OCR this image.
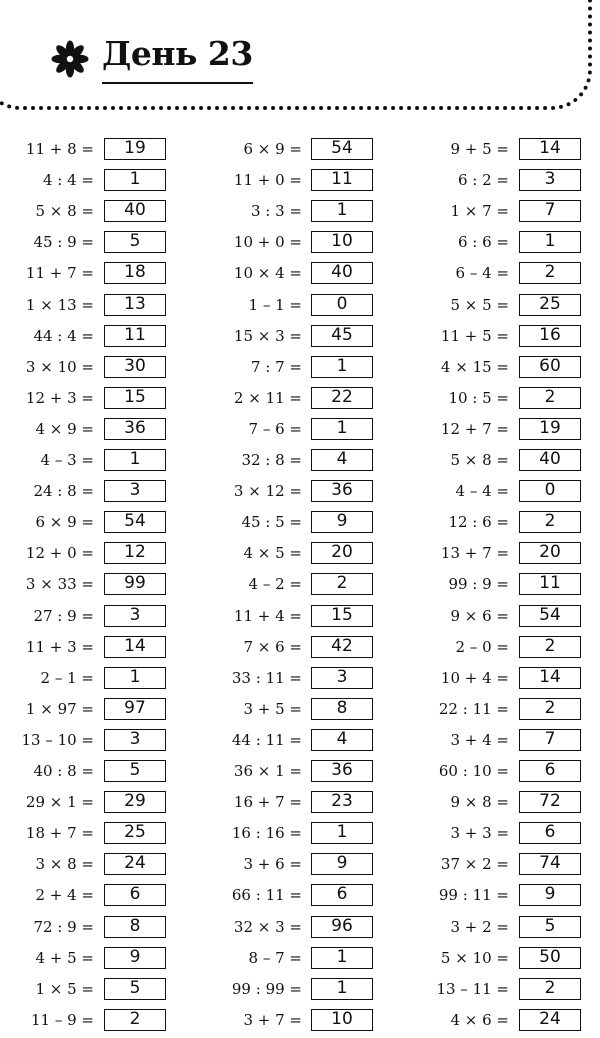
День 23
11 + 8 =	19
4 : 4 =	1
5 × 8 =	40
45 : 9 =	5
11 + 7 =	18
1 × 13 =	13
44 : 4 =	11
3 × 10 =	30
12 + 3 =	15
4 × 9 =	36
4 – 3 =	1
24 : 8 =	3
6 × 9 =	54
12 + 0 =	12
3 × 33 =	99
27 : 9 =	3
11 + 3 =	14
2 – 1 =	1
1 × 97 =	97
13 – 10 =	3
40 : 8 =	5
29 × 1 =	29
18 + 7 =	25
3 × 8 =	24
2 + 4 =	6
72 : 9 =	8
4 + 5 =	9
1 × 5 =	5
11 – 9 =	2
6 × 9 =	54
11 + 0 =	11
3 : 3 =	1
10 + 0 =	10
10 × 4 =	40
1 – 1 =	0
15 × 3 =	45
7 : 7 =	1
2 × 11 =	22
7 – 6 =	1
32 : 8 =	4
3 × 12 =	36
45 : 5 =	9
4 × 5 =	20
4 – 2 =	2
11 + 4 =	15
7 × 6 =	42
33 : 11 =	3
3 + 5 =	8
44 : 11 =	4
36 × 1 =	36
16 + 7 =	23
16 : 16 =	1
3 + 6 =	9
66 : 11 =	6
32 × 3 =	96
8 – 7 =	1
99 : 99 =	1
3 + 7 =	10
9 + 5 =	14
6 : 2 =	3
1 × 7 =	7
6 : 6 =	1
6 – 4 =	2
5 × 5 =	25
11 + 5 =	16
4 × 15 =	60
10 : 5 =	2
12 + 7 =	19
5 × 8 =	40
4 – 4 =	0
12 : 6 =	2
13 + 7 =	20
99 : 9 =	11
9 × 6 =	54
2 – 0 =	2
10 + 4 =	14
22 : 11 =	2
3 + 4 =	7
60 : 10 =	6
9 × 8 =	72
3 + 3 =	6
37 × 2 =	74
99 : 11 =	9
3 + 2 =	5
5 × 10 =	50
13 – 11 =	2
4 × 6 =	24
